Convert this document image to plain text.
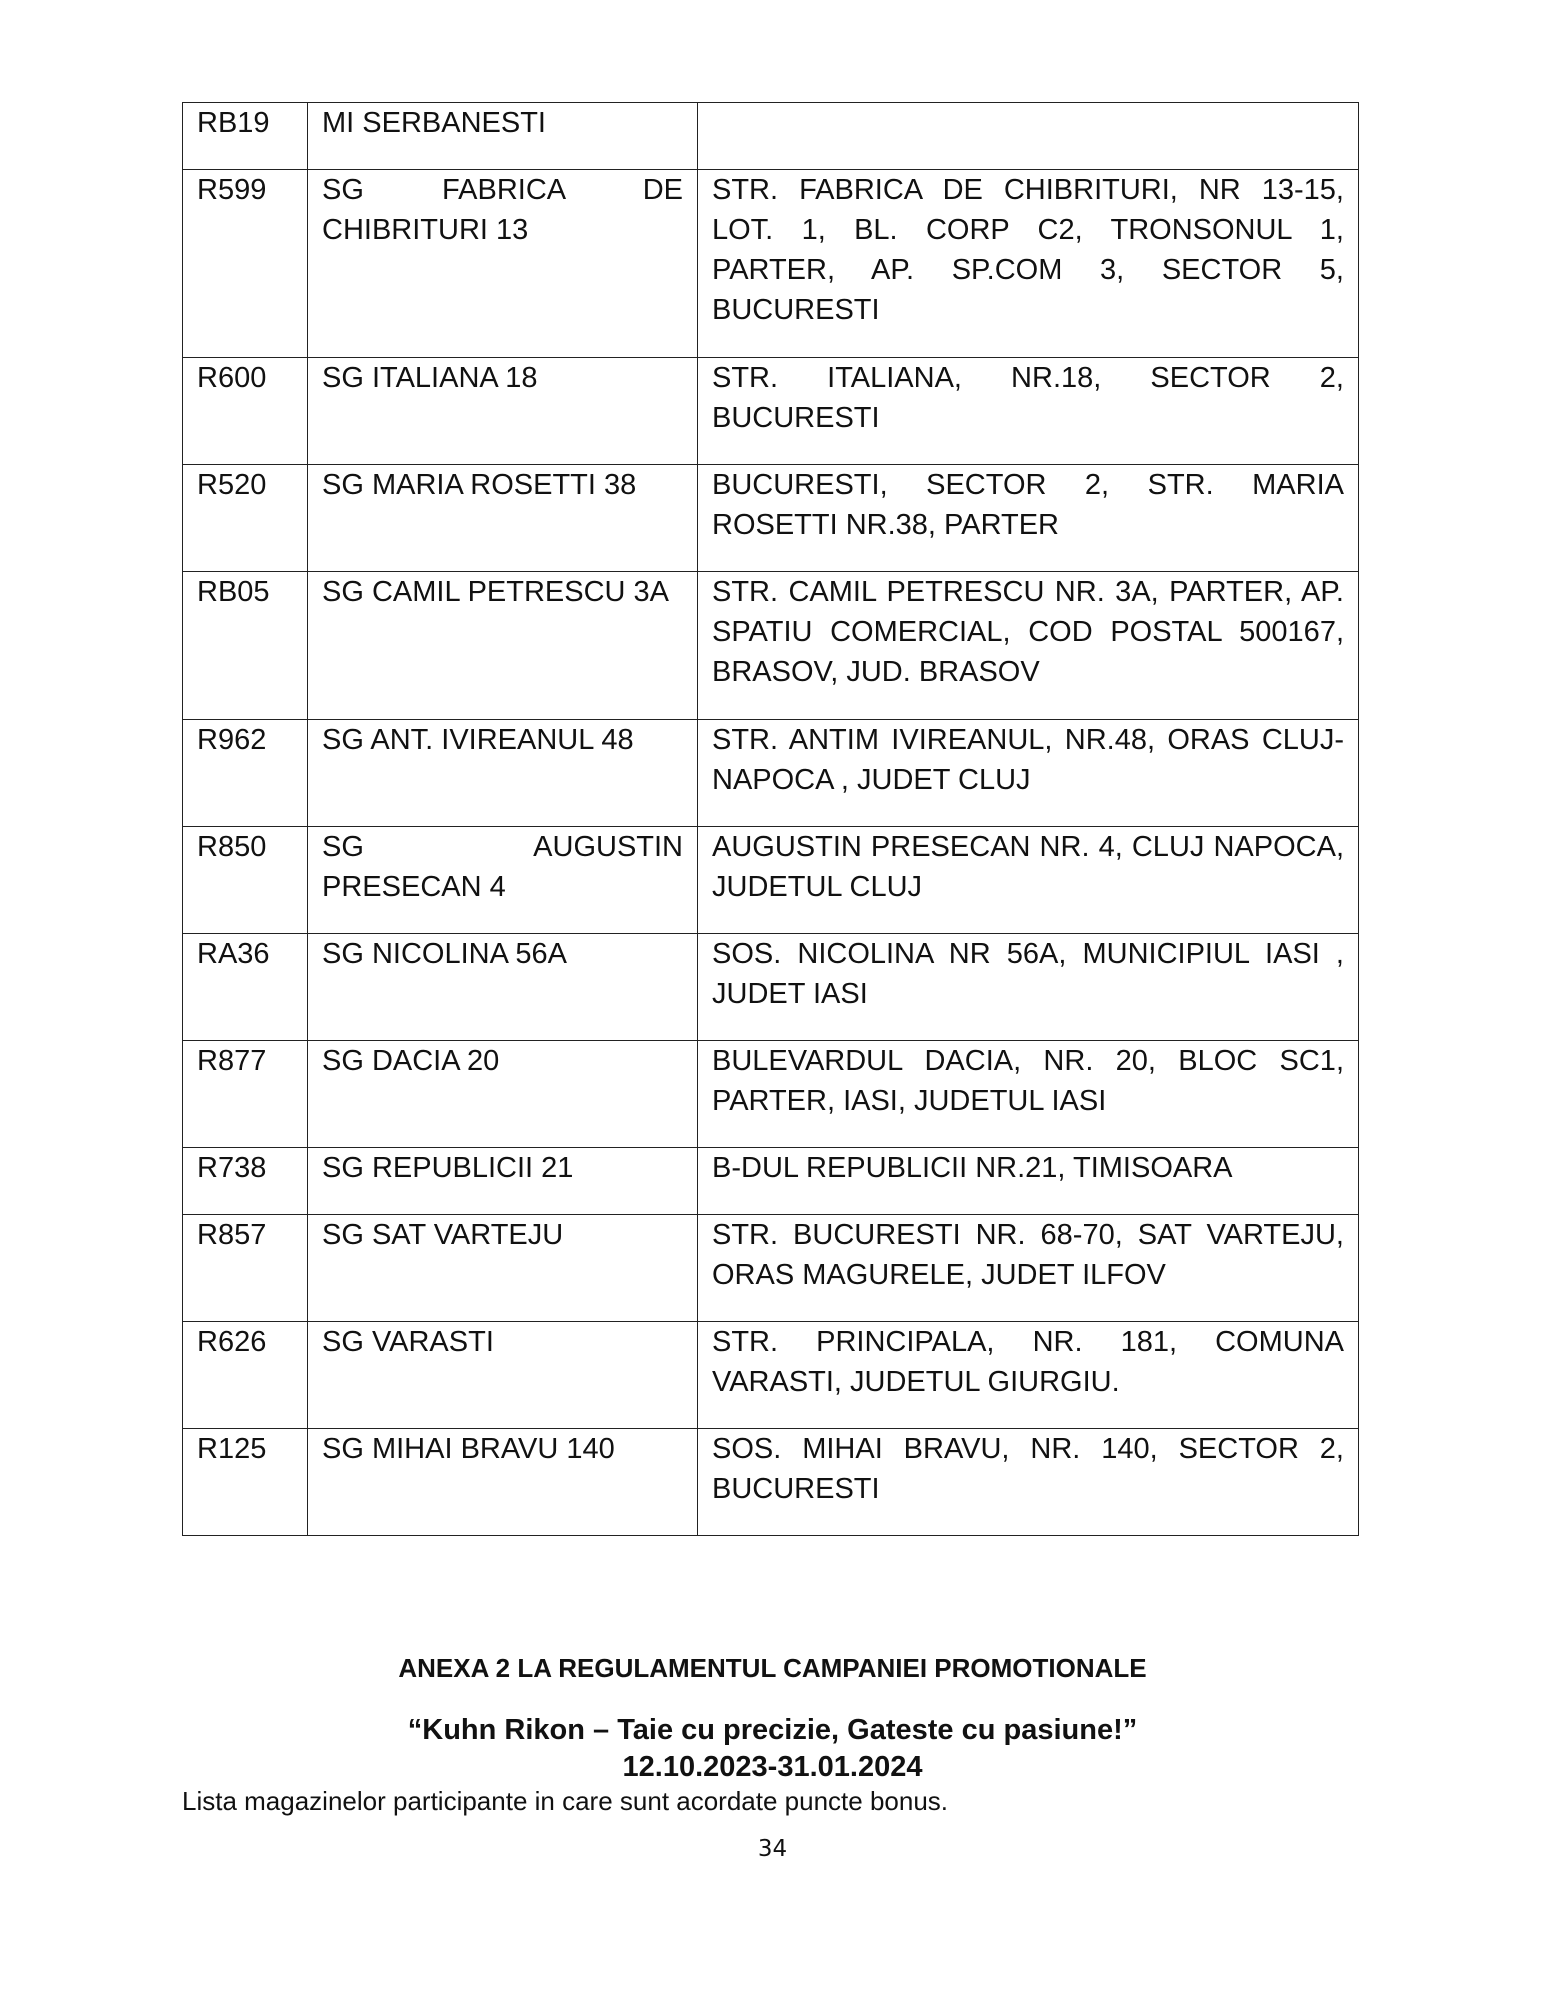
RB19	MI SERBANESTI	
R599	SG FABRICA DE CHIBRITURI 13	STR. FABRICA DE CHIBRITURI, NR 13-15, LOT. 1, BL. CORP C2, TRONSONUL 1, PARTER, AP. SP.COM 3, SECTOR 5, BUCURESTI
R600	SG ITALIANA 18	STR. ITALIANA, NR.18, SECTOR 2, BUCURESTI
R520	SG MARIA ROSETTI 38	BUCURESTI, SECTOR 2, STR. MARIA ROSETTI NR.38, PARTER
RB05	SG CAMIL PETRESCU 3A	STR. CAMIL PETRESCU NR. 3A, PARTER, AP. SPATIU COMERCIAL, COD POSTAL 500167, BRASOV, JUD. BRASOV
R962	SG ANT. IVIREANUL 48	STR. ANTIM IVIREANUL, NR.48, ORAS CLUJ-NAPOCA , JUDET CLUJ
R850	SG AUGUSTIN PRESECAN 4	AUGUSTIN PRESECAN NR. 4, CLUJ NAPOCA, JUDETUL CLUJ
RA36	SG NICOLINA 56A	SOS. NICOLINA NR 56A, MUNICIPIUL IASI , JUDET IASI
R877	SG DACIA 20	BULEVARDUL DACIA, NR. 20, BLOC SC1, PARTER, IASI, JUDETUL IASI
R738	SG REPUBLICII 21	B-DUL REPUBLICII NR.21, TIMISOARA
R857	SG SAT VARTEJU	STR. BUCURESTI NR. 68-70, SAT VARTEJU, ORAS MAGURELE, JUDET ILFOV
R626	SG VARASTI	STR. PRINCIPALA, NR. 181, COMUNA VARASTI, JUDETUL GIURGIU.
R125	SG MIHAI BRAVU 140	SOS. MIHAI BRAVU, NR. 140, SECTOR 2, BUCURESTI
ANEXA 2 LA REGULAMENTUL CAMPANIEI PROMOTIONALE
“Kuhn Rikon – Taie cu precizie, Gateste cu pasiune!”
12.10.2023-31.01.2024
Lista magazinelor participante in care sunt acordate puncte bonus.
34
